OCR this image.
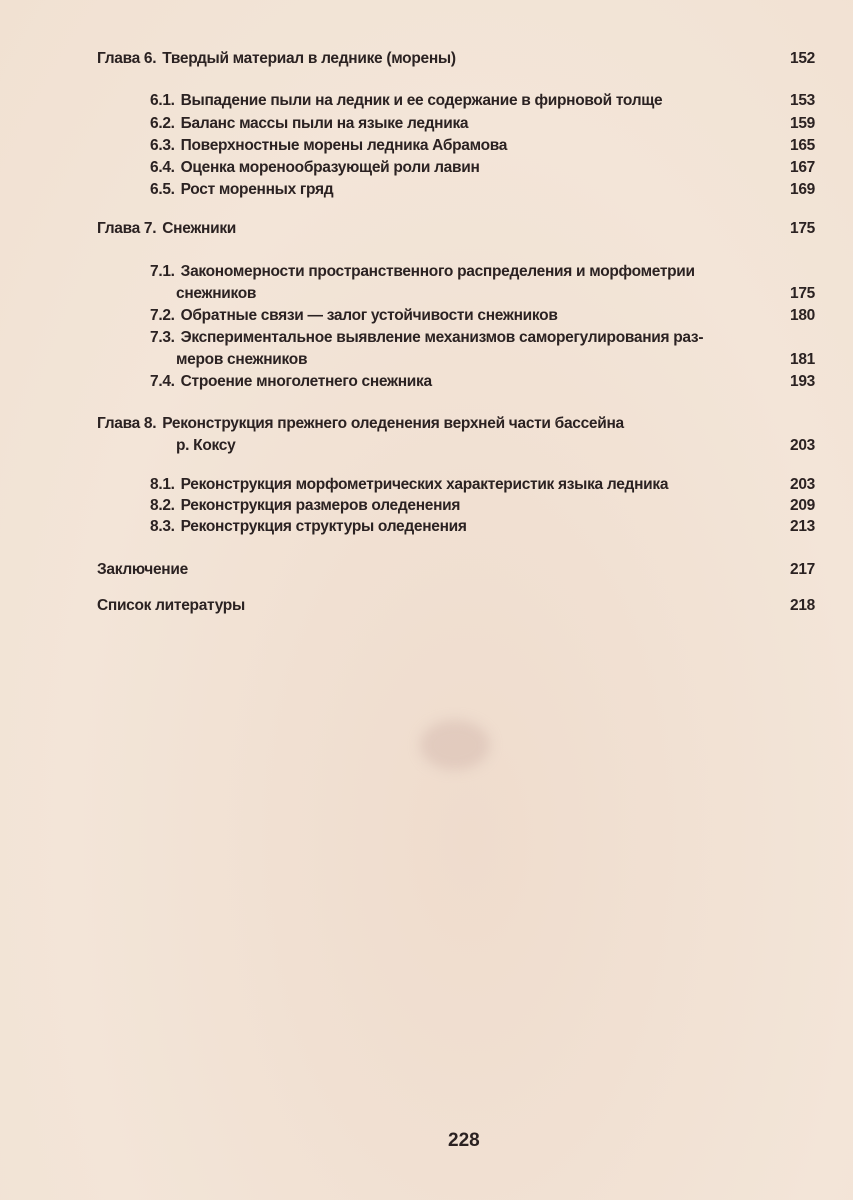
Глава 6. Твердый материал в леднике (морены)	152
6.1. Выпадение пыли на ледник и ее содержание в фирновой толще	153
6.2. Баланс массы пыли на языке ледника	159
6.3. Поверхностные морены ледника Абрамова	165
6.4. Оценка моренообразующей роли лавин	167
6.5. Рост моренных гряд	169
Глава 7. Снежники	175
7.1. Закономерности пространственного распределения и морфометрии
снежников	175
7.2. Обратные связи — залог устойчивости снежников	180
7.3. Экспериментальное выявление механизмов саморегулирования раз-
меров снежников	181
7.4. Строение многолетнего снежника	193
Глава 8. Реконструкция прежнего оледенения верхней части бассейна
р. Коксу	203
8.1. Реконструкция морфометрических характеристик языка ледника	203
8.2. Реконструкция размеров оледенения	209
8.3. Реконструкция структуры оледенения	213
Заключение	217
Список литературы	218
228
